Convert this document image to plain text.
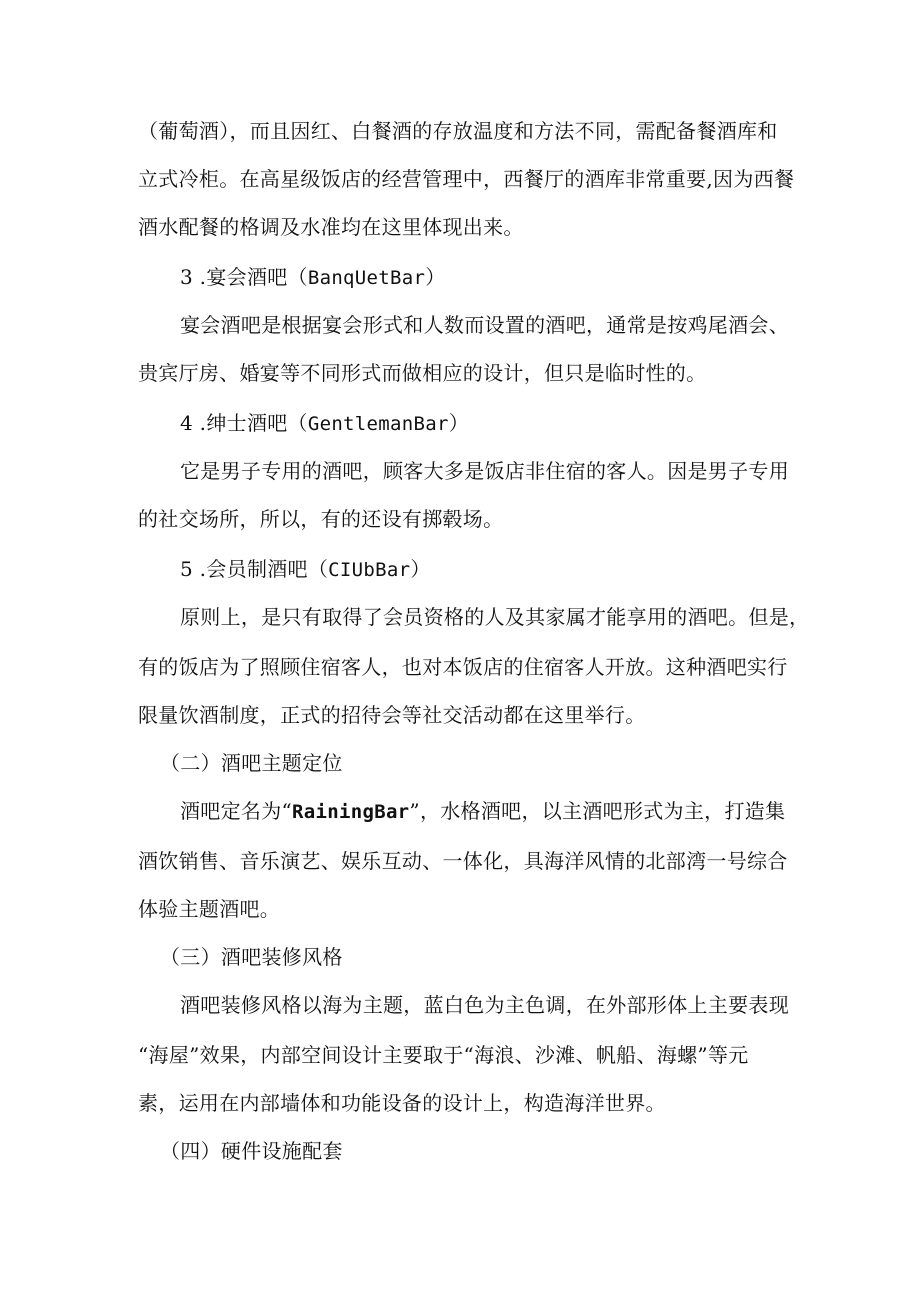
（葡萄酒），而且因红、白餐酒的存放温度和方法不同，需配备餐酒库和
立式冷柜。在高星级饭店的经营管理中，西餐厅的酒库非常重要,因为西餐
酒水配餐的格调及水准均在这里体现出来。
3 .宴会酒吧（BanqUetBar）
宴会酒吧是根据宴会形式和人数而设置的酒吧，通常是按鸡尾酒会、
贵宾厅房、婚宴等不同形式而做相应的设计，但只是临时性的。
4 .绅士酒吧（GentlemanBar）
它是男子专用的酒吧，顾客大多是饭店非住宿的客人。因是男子专用
的社交场所，所以，有的还设有掷毂场。
5 .会员制酒吧（CIUbBar）
原则上，是只有取得了会员资格的人及其家属才能享用的酒吧。但是，
有的饭店为了照顾住宿客人，也对本饭店的住宿客人开放。这种酒吧实行
限量饮酒制度，正式的招待会等社交活动都在这里举行。
（二）酒吧主题定位
酒吧定名为“RainingBar”，水格酒吧，以主酒吧形式为主，打造集
酒饮销售、音乐演艺、娱乐互动、一体化，具海洋风情的北部湾一号综合
体验主题酒吧。
（三）酒吧装修风格
酒吧装修风格以海为主题，蓝白色为主色调，在外部形体上主要表现
“海屋”效果，内部空间设计主要取于“海浪、沙滩、帆船、海螺”等元
素，运用在内部墙体和功能设备的设计上，构造海洋世界。
（四）硬件设施配套
